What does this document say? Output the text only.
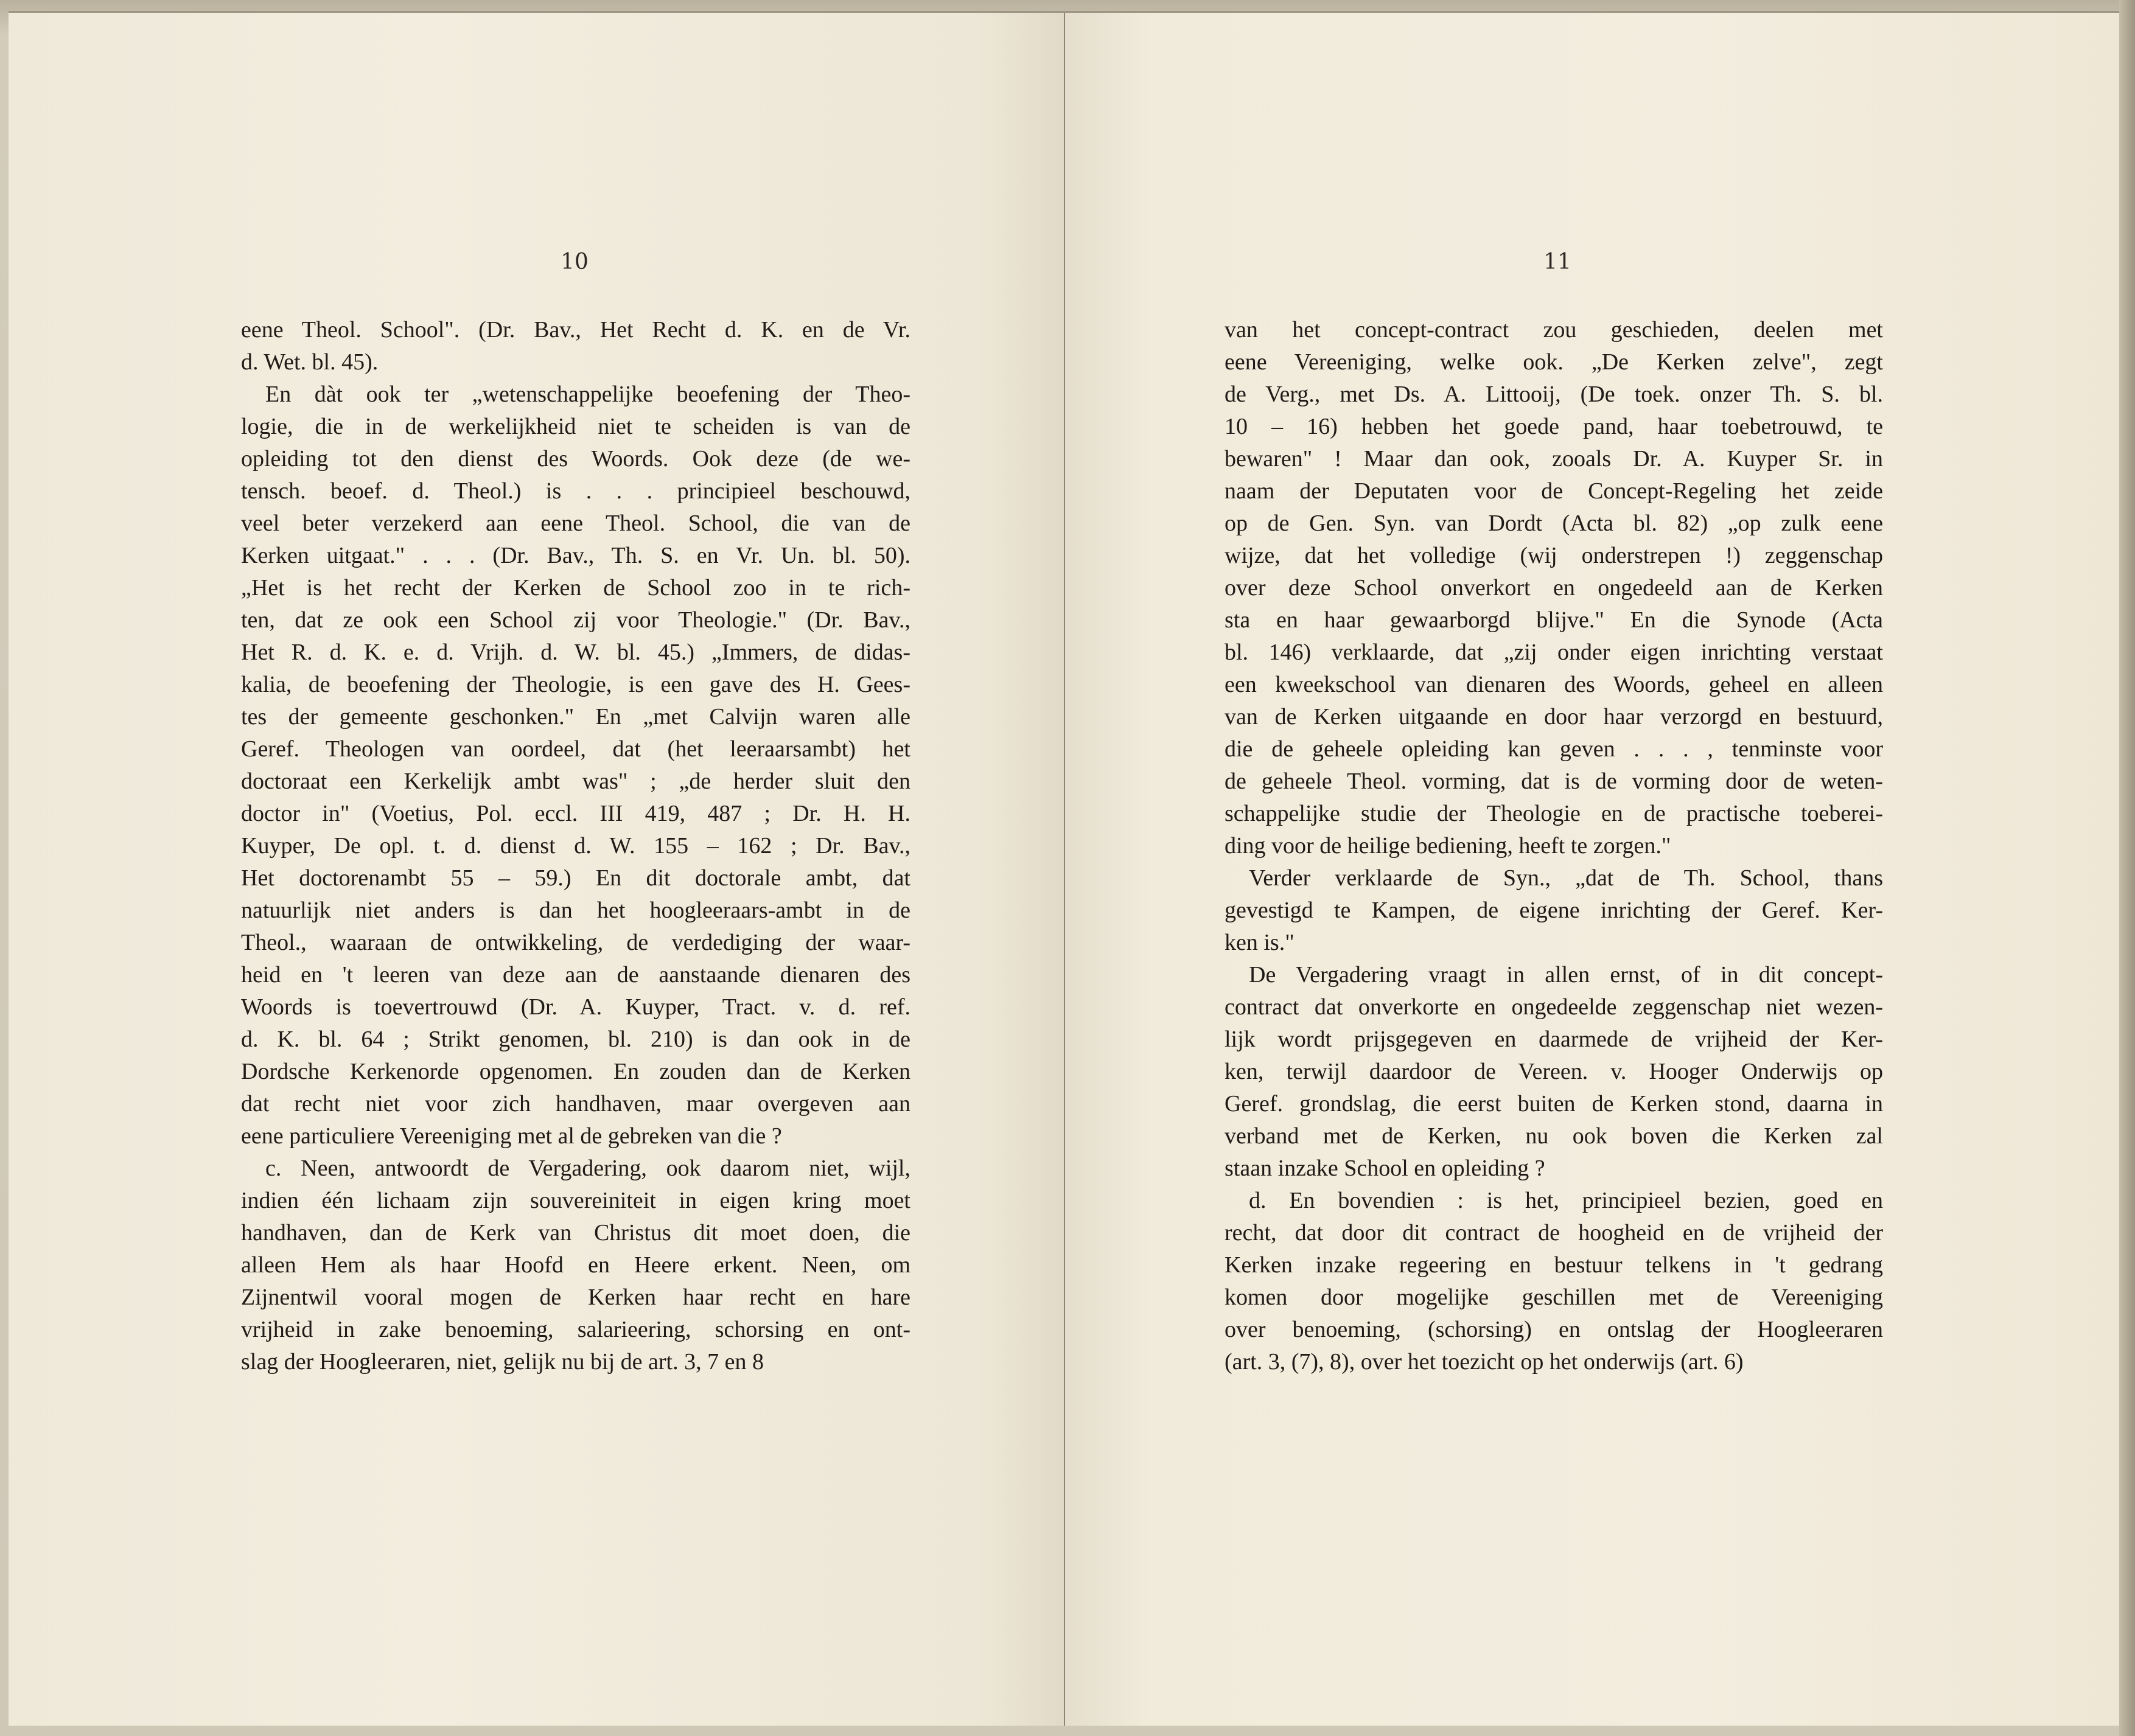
10	11
eene Theol. School". (Dr. Bav., Het Recht d. K. en de Vr.
d. Wet. bl. 45).
En dàt ook ter „wetenschappelijke beoefening der Theo-
logie, die in de werkelijkheid niet te scheiden is van de
opleiding tot den dienst des Woords. Ook deze (de we-
tensch. beoef. d. Theol.) is . . . principieel beschouwd,
veel beter verzekerd aan eene Theol. School, die van de
Kerken uitgaat." . . . (Dr. Bav., Th. S. en Vr. Un. bl. 50).
„Het is het recht der Kerken de School zoo in te rich-
ten, dat ze ook een School zij voor Theologie." (Dr. Bav.,
Het R. d. K. e. d. Vrijh. d. W. bl. 45.) „Immers, de didas-
kalia, de beoefening der Theologie, is een gave des H. Gees-
tes der gemeente geschonken." En „met Calvijn waren alle
Geref. Theologen van oordeel, dat (het leeraarsambt) het
doctoraat een Kerkelijk ambt was" ; „de herder sluit den
doctor in" (Voetius, Pol. eccl. III 419, 487 ; Dr. H. H.
Kuyper, De opl. t. d. dienst d. W. 155 – 162 ; Dr. Bav.,
Het doctorenambt 55 – 59.) En dit doctorale ambt, dat
natuurlijk niet anders is dan het hoogleeraars-ambt in de
Theol., waaraan de ontwikkeling, de verdediging der waar-
heid en 't leeren van deze aan de aanstaande dienaren des
Woords is toevertrouwd (Dr. A. Kuyper, Tract. v. d. ref.
d. K. bl. 64 ; Strikt genomen, bl. 210) is dan ook in de
Dordsche Kerkenorde opgenomen. En zouden dan de Kerken
dat recht niet voor zich handhaven, maar overgeven aan
eene particuliere Vereeniging met al de gebreken van die ?
c. Neen, antwoordt de Vergadering, ook daarom niet, wijl,
indien één lichaam zijn souvereiniteit in eigen kring moet
handhaven, dan de Kerk van Christus dit moet doen, die
alleen Hem als haar Hoofd en Heere erkent. Neen, om
Zijnentwil vooral mogen de Kerken haar recht en hare
vrijheid in zake benoeming, salarieering, schorsing en ont-
slag der Hoogleeraren, niet, gelijk nu bij de art. 3, 7 en 8
van het concept-contract zou geschieden, deelen met
eene Vereeniging, welke ook. „De Kerken zelve", zegt
de Verg., met Ds. A. Littooij, (De toek. onzer Th. S. bl.
10 – 16) hebben het goede pand, haar toebetrouwd, te
bewaren" ! Maar dan ook, zooals Dr. A. Kuyper Sr. in
naam der Deputaten voor de Concept-Regeling het zeide
op de Gen. Syn. van Dordt (Acta bl. 82) „op zulk eene
wijze, dat het volledige (wij onderstrepen !) zeggenschap
over deze School onverkort en ongedeeld aan de Kerken
sta en haar gewaarborgd blijve." En die Synode (Acta
bl. 146) verklaarde, dat „zij onder eigen inrichting verstaat
een kweekschool van dienaren des Woords, geheel en alleen
van de Kerken uitgaande en door haar verzorgd en bestuurd,
die de geheele opleiding kan geven . . . , tenminste voor
de geheele Theol. vorming, dat is de vorming door de weten-
schappelijke studie der Theologie en de practische toeberei-
ding voor de heilige bediening, heeft te zorgen."
Verder verklaarde de Syn., „dat de Th. School, thans
gevestigd te Kampen, de eigene inrichting der Geref. Ker-
ken is."
De Vergadering vraagt in allen ernst, of in dit concept-
contract dat onverkorte en ongedeelde zeggenschap niet wezen-
lijk wordt prijsgegeven en daarmede de vrijheid der Ker-
ken, terwijl daardoor de Vereen. v. Hooger Onderwijs op
Geref. grondslag, die eerst buiten de Kerken stond, daarna in
verband met de Kerken, nu ook boven die Kerken zal
staan inzake School en opleiding ?
d. En bovendien : is het, principieel bezien, goed en
recht, dat door dit contract de hoogheid en de vrijheid der
Kerken inzake regeering en bestuur telkens in 't gedrang
komen door mogelijke geschillen met de Vereeniging
over benoeming, (schorsing) en ontslag der Hoogleeraren
(art. 3, (7), 8), over het toezicht op het onderwijs (art. 6)
